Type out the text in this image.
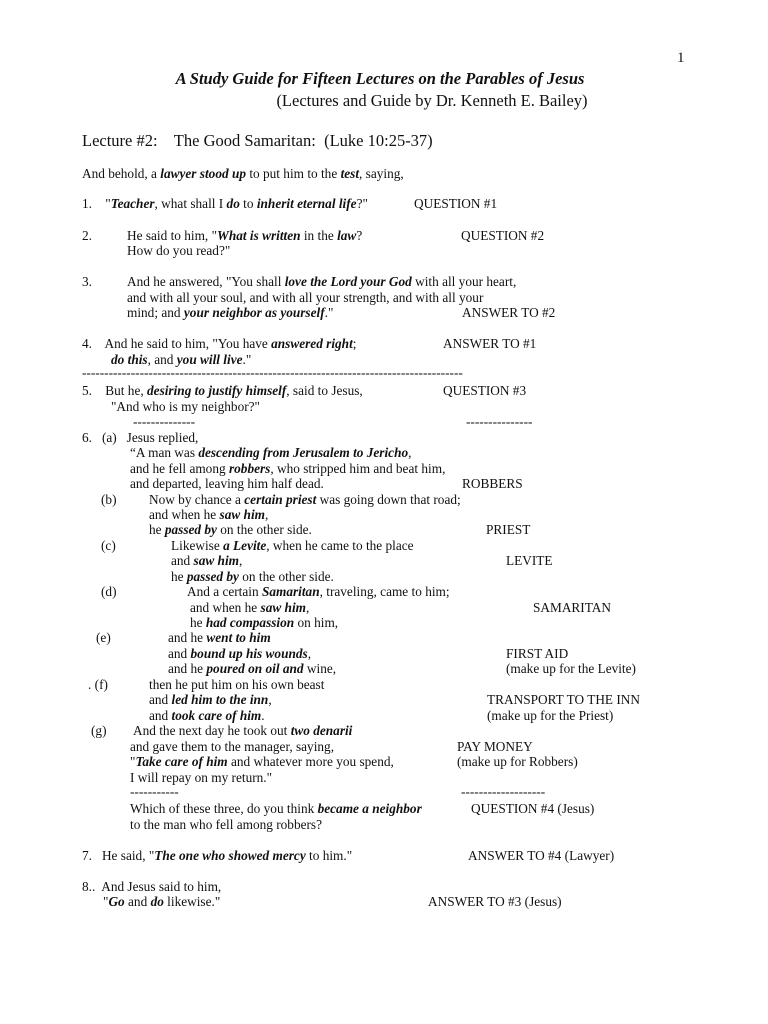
1
A Study Guide for Fifteen Lectures on the Parables of Jesus
(Lectures and Guide by Dr. Kenneth E. Bailey)
Lecture #2:    The Good Samaritan:  (Luke 10:25-37)
And behold, a lawyer stood up to put him to the test, saying,
1.    "Teacher, what shall I do to inherit eternal life?"	QUESTION #1
2.	He said to him, "What is written in the law?	QUESTION #2
How do you read?"
3.	And he answered, "You shall love the Lord your God with all your heart,
and with all your soul, and with all your strength, and with all your
mind; and your neighbor as yourself."	ANSWER TO #2
4.    And he said to him, "You have answered right;	ANSWER TO #1
do this, and you will live."
--------------------------------------------------------------------------------------
5.    But he, desiring to justify himself, said to Jesus,	QUESTION #3
"And who is my neighbor?"
--------------	---------------
6.   (a)   Jesus replied,
“A man was descending from Jerusalem to Jericho,
and he fell among robbers, who stripped him and beat him,
and departed, leaving him half dead.	ROBBERS
(b) Now by chance a certain priest was going down that road;
and when he saw him,
he passed by on the other side.	PRIEST
(c)	Likewise a Levite, when he came to the place
and saw him,	LEVITE
he passed by on the other side.
(d)	And a certain Samaritan, traveling, came to him;
and when he saw him,	SAMARITAN
he had compassion on him,
(e)	and he went to him
and bound up his wounds,	FIRST AID
and he poured on oil and wine,	(make up for the Levite)
. (f)	then he put him on his own beast
and led him to the inn,	TRANSPORT TO THE INN
and took care of him.	(make up for the Priest)
(g) And the next day he took out two denarii
and gave them to the manager, saying,	PAY MONEY
"Take care of him and whatever more you spend,	(make up for Robbers)
I will repay on my return."
-----------	-------------------
Which of these three, do you think became a neighbor	QUESTION #4 (Jesus)
to the man who fell among robbers?
7.   He said, "The one who showed mercy to him."	ANSWER TO #4 (Lawyer)
8..  And Jesus said to him,
"Go and do likewise."	ANSWER TO #3 (Jesus)
